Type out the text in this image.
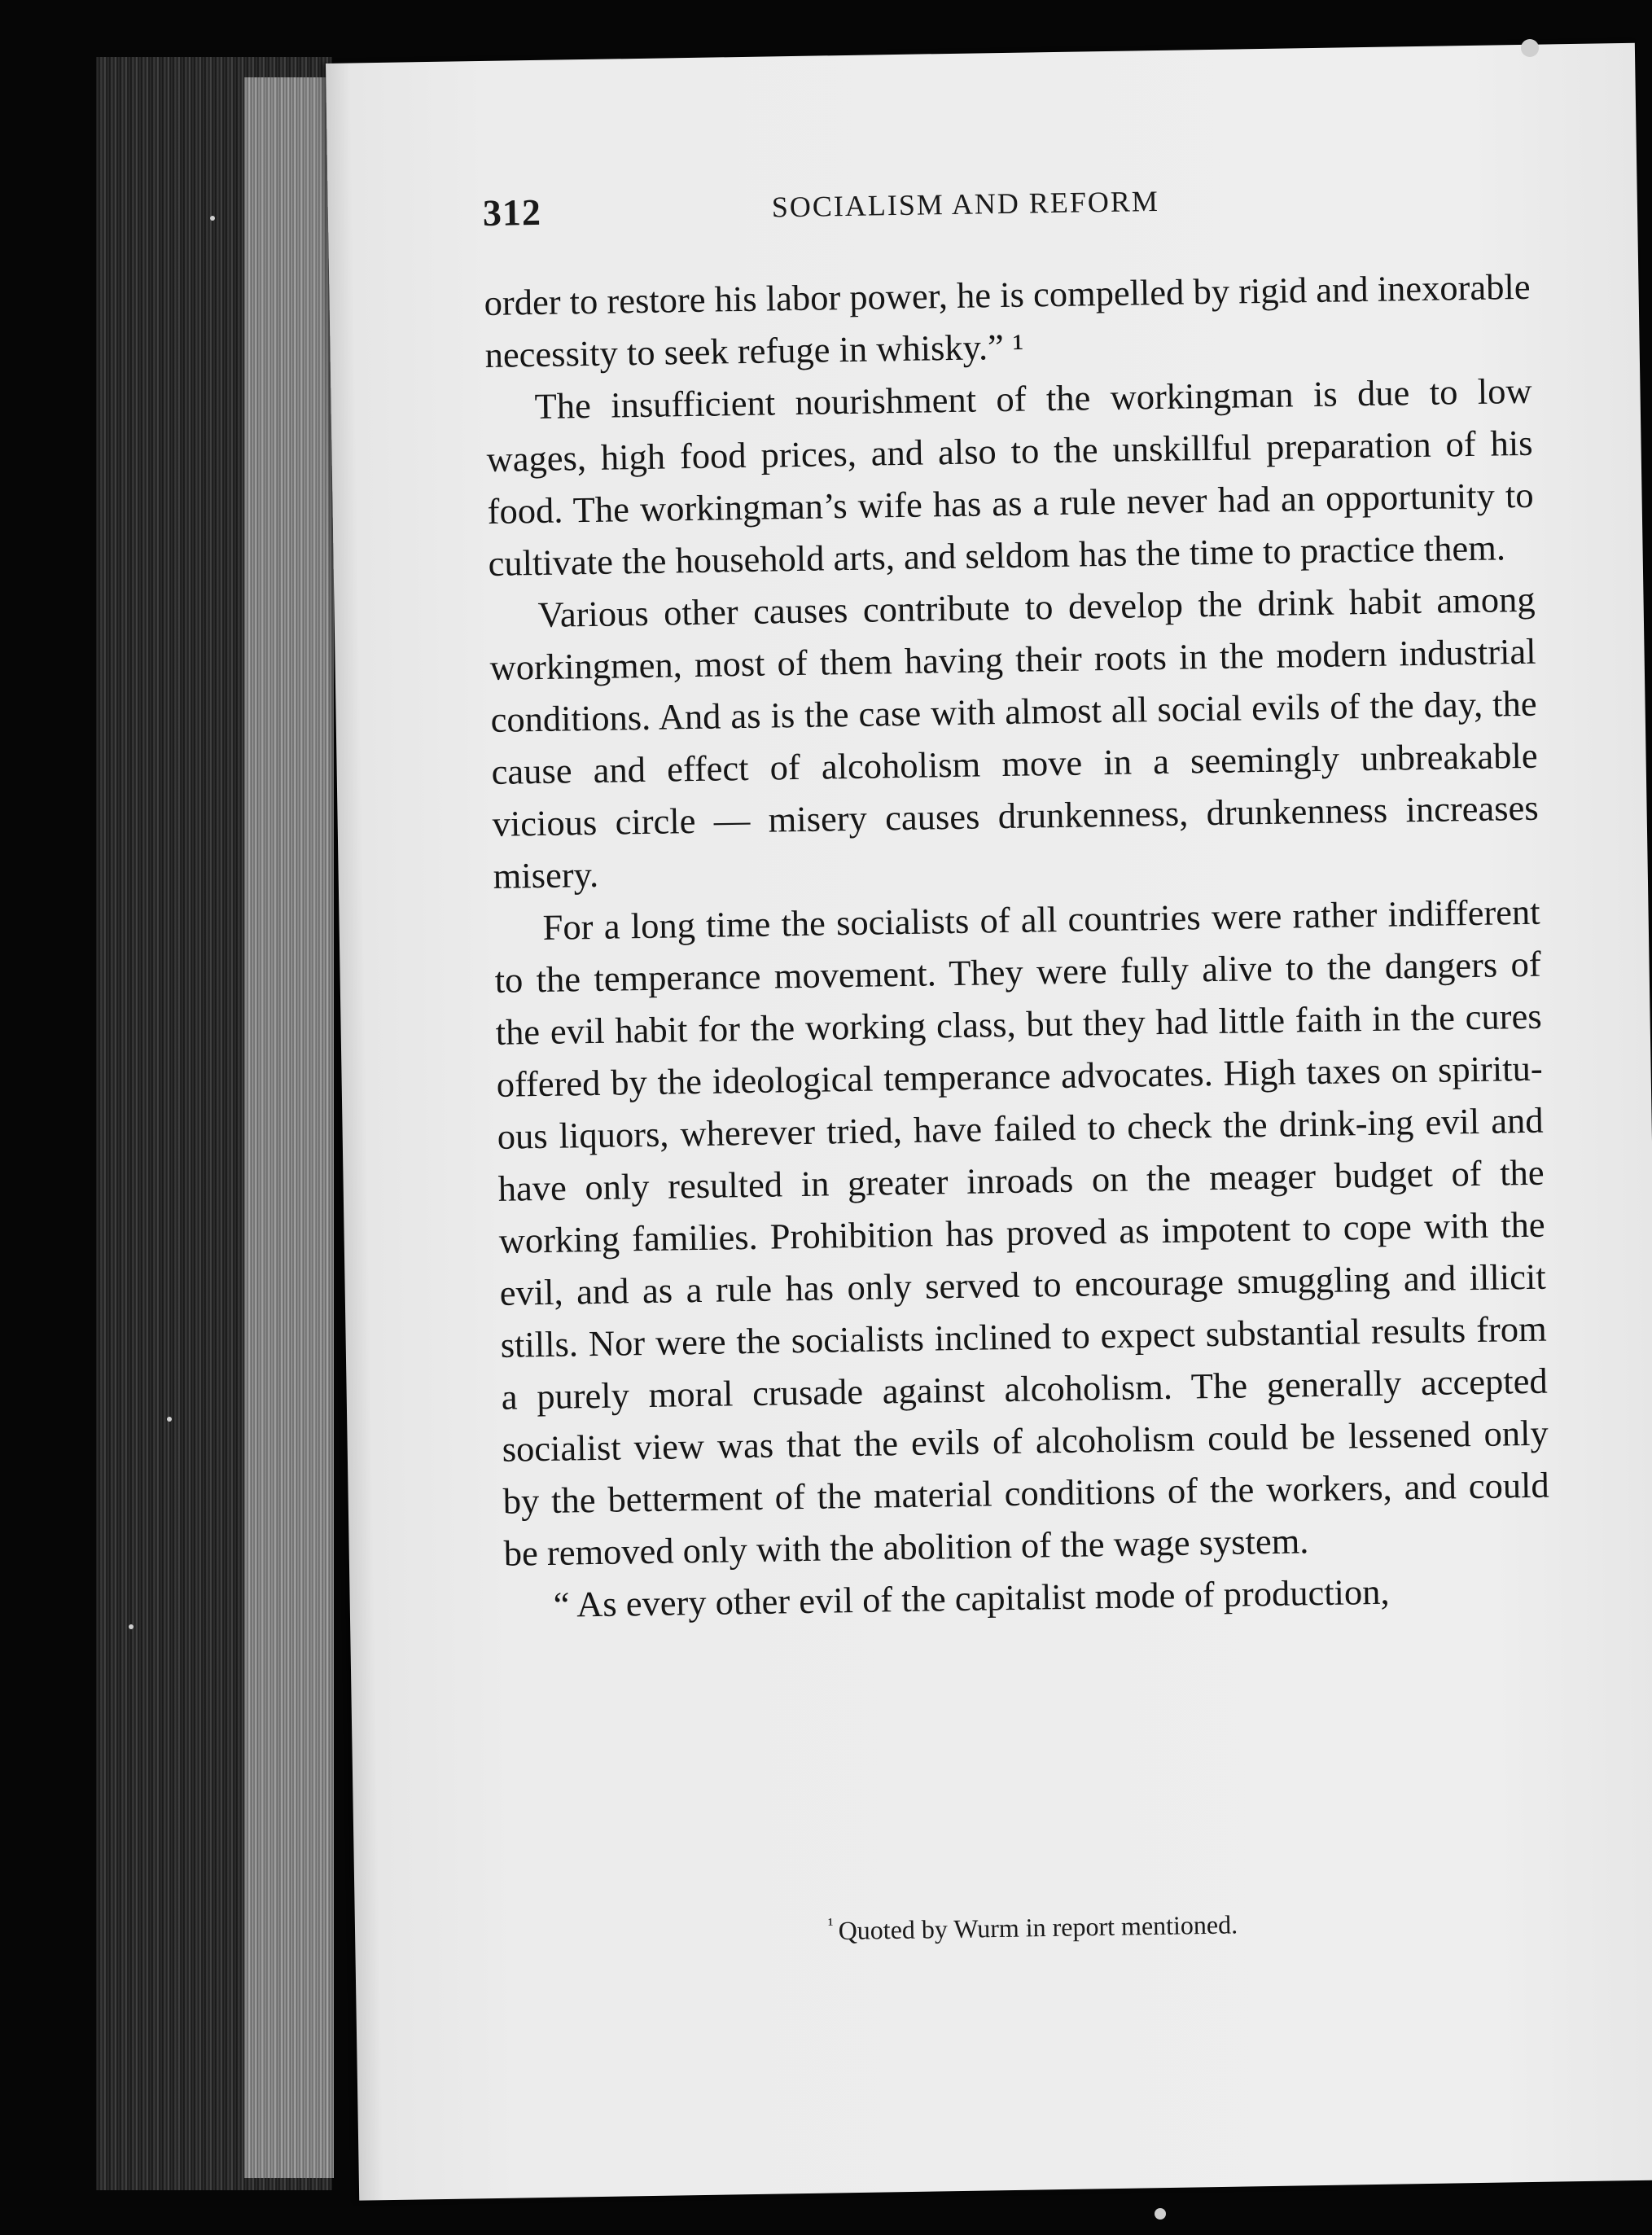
312	SOCIALISM AND REFORM

order to restore his labor power, he is compelled by rigid and inexorable necessity to seek refuge in whisky.” ¹

The insufficient nourishment of the workingman is due to low wages, high food prices, and also to the unskillful preparation of his food. The workingman’s wife has as a rule never had an opportunity to cultivate the household arts, and seldom has the time to practice them.

Various other causes contribute to develop the drink habit among workingmen, most of them having their roots in the modern industrial conditions. And as is the case with almost all social evils of the day, the cause and effect of alcoholism move in a seemingly unbreakable vicious circle — misery causes drunkenness, drunkenness increases misery.

For a long time the socialists of all countries were rather indifferent to the temperance movement. They were fully alive to the dangers of the evil habit for the working class, but they had little faith in the cures offered by the ideological temperance advocates. High taxes on spiritu-ous liquors, wherever tried, have failed to check the drink-ing evil and have only resulted in greater inroads on the meager budget of the working families. Prohibition has proved as impotent to cope with the evil, and as a rule has only served to encourage smuggling and illicit stills. Nor were the socialists inclined to expect substantial results from a purely moral crusade against alcoholism. The generally accepted socialist view was that the evils of alcoholism could be lessened only by the betterment of the material conditions of the workers, and could be removed only with the abolition of the wage system.

“ As every other evil of the capitalist mode of production,

$^{^1}$ Quoted by Wurm in report mentioned.
